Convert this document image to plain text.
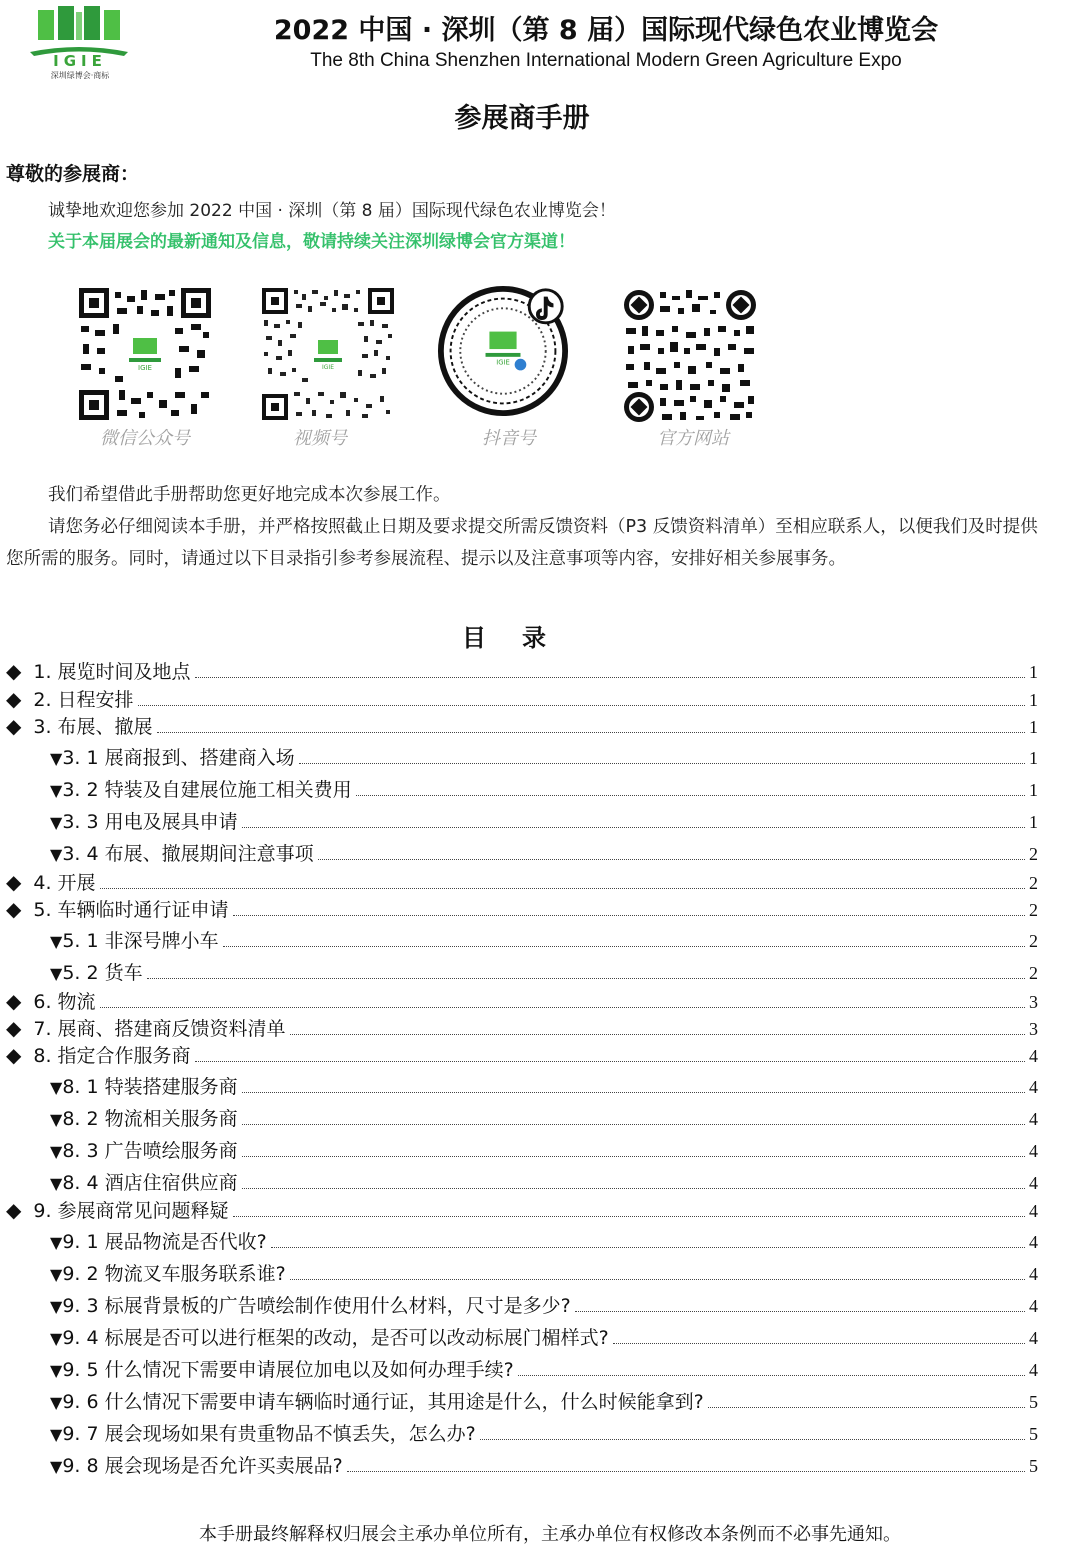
IGIE
深圳绿博会·商标
2022 中国 · 深圳（第 8 届）国际现代绿色农业博览会
The 8th China Shenzhen International Modern Green Agriculture Expo
参展商手册
尊敬的参展商：
诚挚地欢迎您参加 2022 中国 · 深圳（第 8 届）国际现代绿色农业博览会！
关于本届展会的最新通知及信息，敬请持续关注深圳绿博会官方渠道！
IGIE
微信公众号
IGIE
视频号
IGIE
抖音号	官方网站
我们希望借此手册帮助您更好地完成本次参展工作。
请您务必仔细阅读本手册，并严格按照截止日期及要求提交所需反馈资料（P3 反馈资料清单）至相应联系人，以便我们及时提供您所需的服务。同时，请通过以下目录指引参考参展流程、提示以及注意事项等内容，安排好相关参展事务。
目录
◆ 1. 展览时间及地点	1
◆ 2. 日程安排	1
◆ 3. 布展、撤展	1
▼ 3. 1 展商报到、搭建商入场	1
▼ 3. 2 特装及自建展位施工相关费用	1
▼ 3. 3 用电及展具申请	1
▼ 3. 4 布展、撤展期间注意事项	2
◆ 4. 开展	2
◆ 5. 车辆临时通行证申请	2
▼ 5. 1 非深号牌小车	2
▼ 5. 2 货车	2
◆ 6. 物流	3
◆ 7. 展商、搭建商反馈资料清单	3
◆ 8. 指定合作服务商	4
▼ 8. 1 特装搭建服务商	4
▼ 8. 2 物流相关服务商	4
▼ 8. 3 广告喷绘服务商	4
▼ 8. 4 酒店住宿供应商	4
◆ 9. 参展商常见问题释疑	4
▼ 9. 1 展品物流是否代收?	4
▼ 9. 2 物流叉车服务联系谁?	4
▼ 9. 3 标展背景板的广告喷绘制作使用什么材料，尺寸是多少?	4
▼ 9. 4 标展是否可以进行框架的改动，是否可以改动标展门楣样式?	4
▼ 9. 5 什么情况下需要申请展位加电以及如何办理手续?	4
▼ 9. 6 什么情况下需要申请车辆临时通行证，其用途是什么，什么时候能拿到?	5
▼ 9. 7 展会现场如果有贵重物品不慎丢失，怎么办?	5
▼ 9. 8 展会现场是否允许买卖展品?	5
本手册最终解释权归展会主承办单位所有，主承办单位有权修改本条例而不必事先通知。
